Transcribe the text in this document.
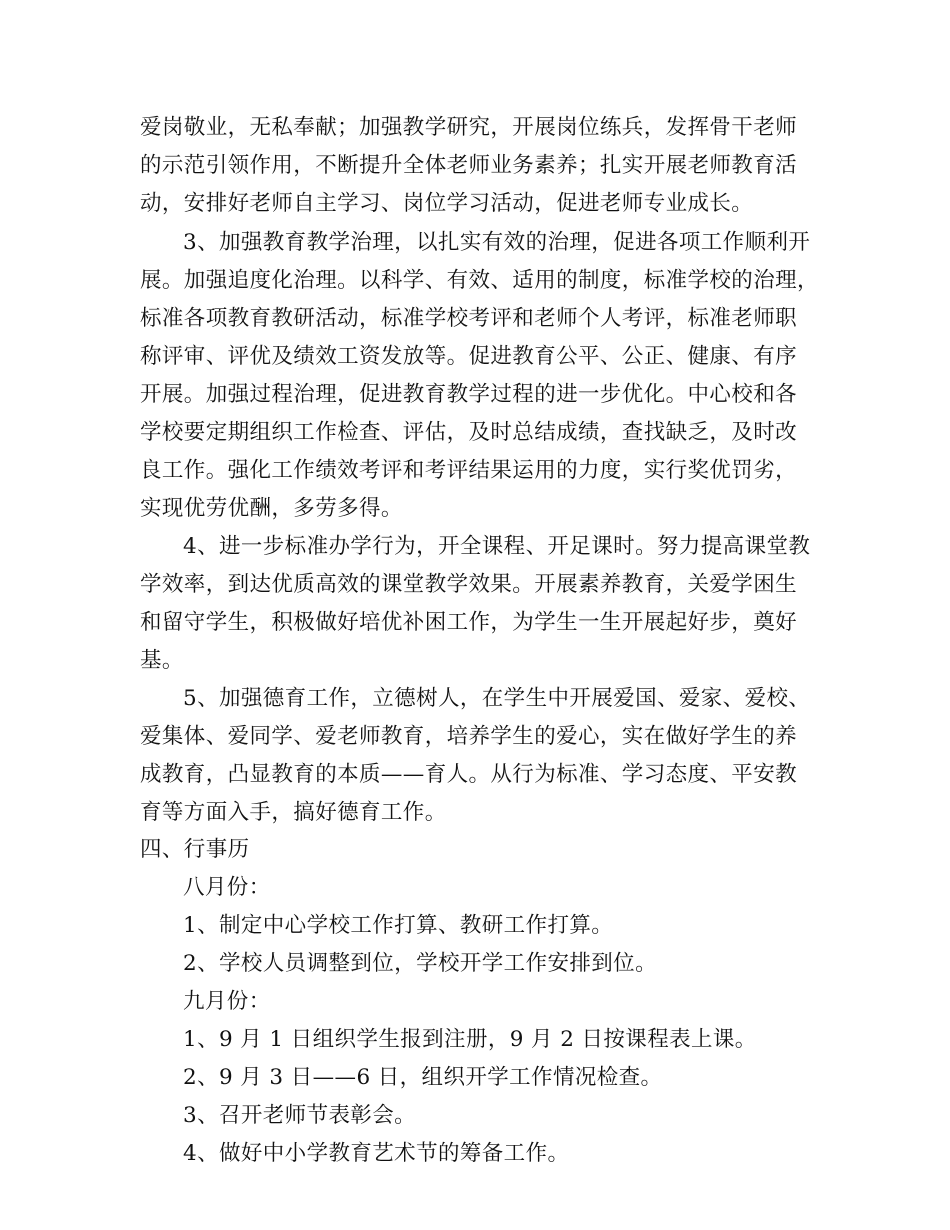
爱岗敬业，无私奉献；加强教学研究，开展岗位练兵，发挥骨干老师
的示范引领作用，不断提升全体老师业务素养；扎实开展老师教育活
动，安排好老师自主学习、岗位学习活动，促进老师专业成长。
3、加强教育教学治理，以扎实有效的治理，促进各项工作顺利开
展。加强追度化治理。以科学、有效、适用的制度，标准学校的治理，
标准各项教育教研活动，标准学校考评和老师个人考评，标准老师职
称评审、评优及绩效工资发放等。促进教育公平、公正、健康、有序
开展。加强过程治理，促进教育教学过程的进一步优化。中心校和各
学校要定期组织工作检查、评估，及时总结成绩，查找缺乏，及时改
良工作。强化工作绩效考评和考评结果运用的力度，实行奖优罚劣，
实现优劳优酬，多劳多得。
4、进一步标准办学行为，开全课程、开足课时。努力提高课堂教
学效率，到达优质高效的课堂教学效果。开展素养教育，关爱学困生
和留守学生，积极做好培优补困工作，为学生一生开展起好步，奠好
基。
5、加强德育工作，立德树人，在学生中开展爱国、爱家、爱校、
爱集体、爱同学、爱老师教育，培养学生的爱心，实在做好学生的养
成教育，凸显教育的本质——育人。从行为标准、学习态度、平安教
育等方面入手，搞好德育工作。
四、行事历
八月份：
1、制定中心学校工作打算、教研工作打算。
2、学校人员调整到位，学校开学工作安排到位。
九月份：
1、9 月 1 日组织学生报到注册，9 月 2 日按课程表上课。
2、9 月 3 日——6 日，组织开学工作情况检查。
3、召开老师节表彰会。
4、做好中小学教育艺术节的筹备工作。
